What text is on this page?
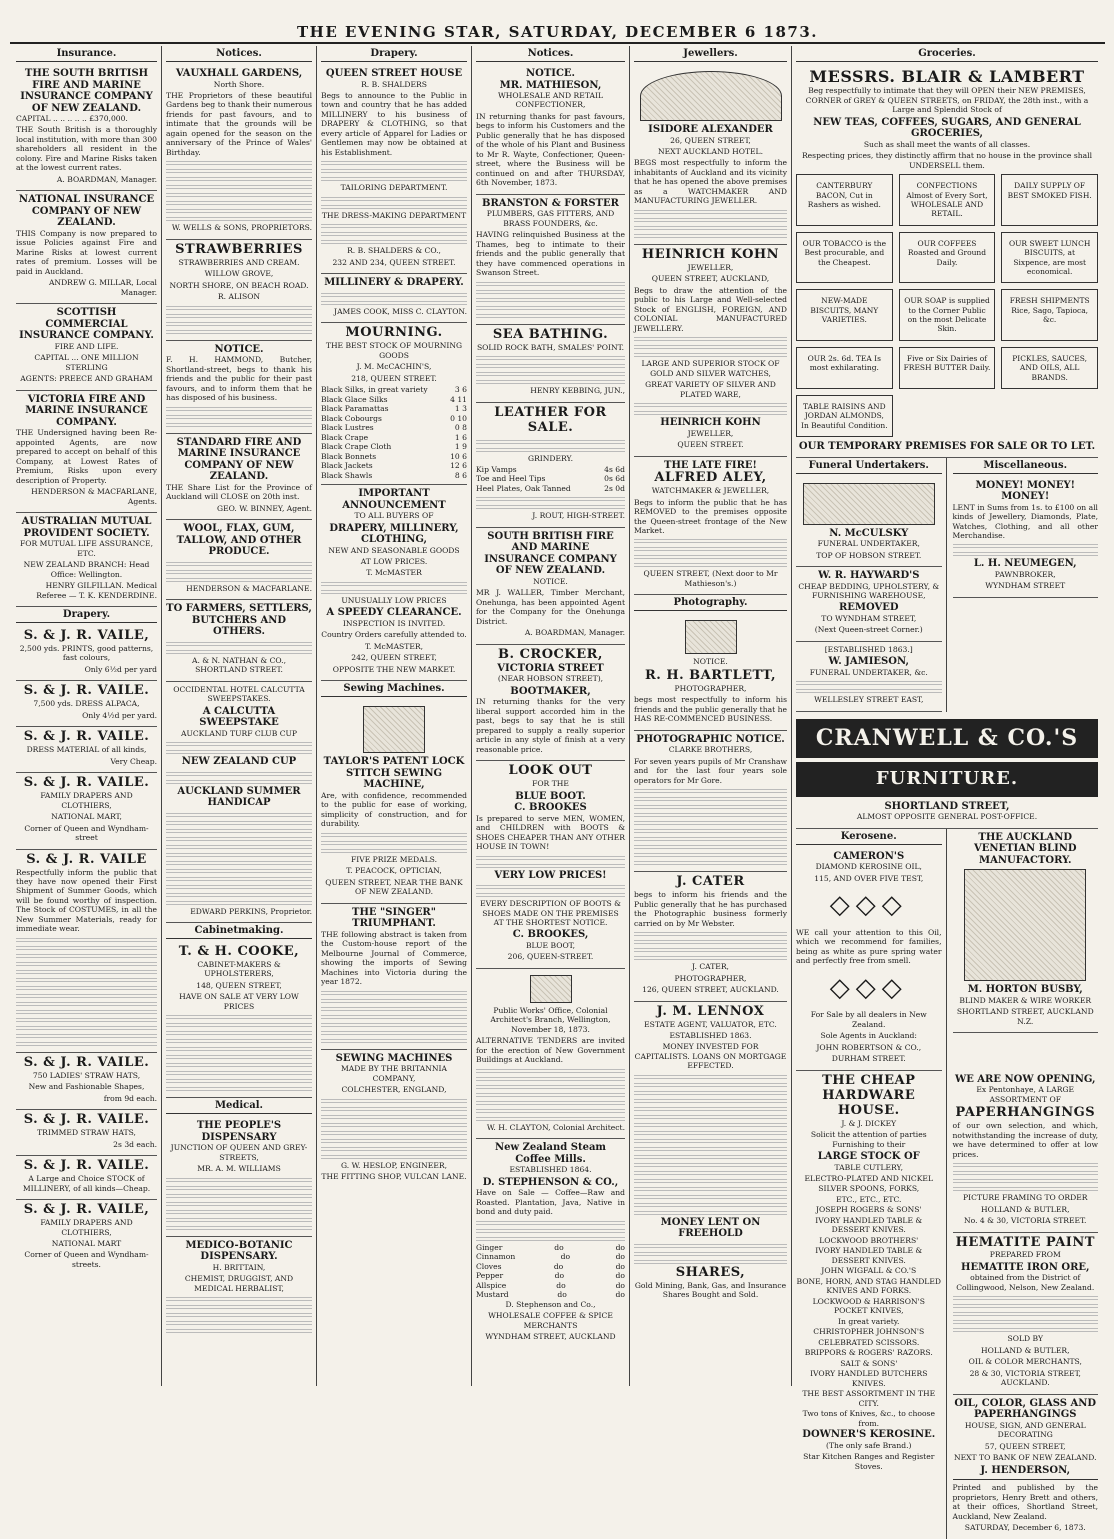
THE EVENING STAR, SATURDAY, DECEMBER 6 1873.
Insurance.
THE SOUTH BRITISH FIRE AND MARINE INSURANCE COMPANY OF NEW ZEALAND.

CAPITAL .. .. .. .. .. £370,000.

THE South British is a thoroughly local institution, with more than 300 shareholders all resident in the colony. Fire and Marine Risks taken at the lowest current rates.

A. BOARDMAN, Manager.

NATIONAL INSURANCE COMPANY OF NEW ZEALAND.

THIS Company is now prepared to issue Policies against Fire and Marine Risks at lowest current rates of premium. Losses will be paid in Auckland.

ANDREW G. MILLAR, Local Manager.

SCOTTISH COMMERCIAL INSURANCE COMPANY.

FIRE AND LIFE.

CAPITAL ... ONE MILLION STERLING

AGENTS: PREECE AND GRAHAM

VICTORIA FIRE AND MARINE INSURANCE COMPANY.

THE Undersigned having been Re-appointed Agents, are now prepared to accept on behalf of this Company, at Lowest Rates of Premium, Risks upon every description of Property.

HENDERSON & MACFARLANE, Agents.

AUSTRALIAN MUTUAL PROVIDENT SOCIETY.

FOR MUTUAL LIFE ASSURANCE, ETC.

NEW ZEALAND BRANCH: Head Office: Wellington.

HENRY GILFILLAN. Medical Referee — T. K. KENDERDINE.

Drapery.
S. & J. R. VAILE,

2,500 yds. PRINTS, good patterns, fast colours,

Only 6½d per yard

S. & J. R. VAILE.

7,500 yds. DRESS ALPACA,

Only 4½d per yard.

S. & J. R. VAILE.

DRESS MATERIAL of all kinds,

Very Cheap.

S. & J. R. VAILE.

FAMILY DRAPERS AND CLOTHIERS,

NATIONAL MART,

Corner of Queen and Wyndham-street

S. & J. R. VAILE

Respectfully inform the public that they have now opened their First Shipment of Summer Goods, which will be found worthy of inspection. The Stock of COSTUMES, in all the New Summer Materials, ready for immediate wear.

S. & J. R. VAILE.

750 LADIES' STRAW HATS,

New and Fashionable Shapes,

from 9d each.

S. & J. R. VAILE.

TRIMMED STRAW HATS,

2s 3d each.

S. & J. R. VAILE.

A Large and Choice STOCK of MILLINERY, of all kinds—Cheap.

S. & J. R. VAILE,

FAMILY DRAPERS AND CLOTHIERS,

NATIONAL MART

Corner of Queen and Wyndham-streets.

Notices.
VAUXHALL GARDENS,

North Shore.

THE Proprietors of these beautiful Gardens beg to thank their numerous friends for past favours, and to intimate that the grounds will be again opened for the season on the anniversary of the Prince of Wales' Birthday.

W. WELLS & SONS, PROPRIETORS.

STRAWBERRIES

STRAWBERRIES AND CREAM.

WILLOW GROVE,

NORTH SHORE, ON BEACH ROAD.

R. ALISON

NOTICE.

F. H. HAMMOND, Butcher, Shortland-street, begs to thank his friends and the public for their past favours, and to inform them that he has disposed of his business.

STANDARD FIRE AND MARINE INSURANCE COMPANY OF NEW ZEALAND.

THE Share List for the Province of Auckland will CLOSE on 20th inst.

GEO. W. BINNEY, Agent.

WOOL, FLAX, GUM, TALLOW, AND OTHER PRODUCE.

HENDERSON & MACFARLANE.

TO FARMERS, SETTLERS, BUTCHERS AND OTHERS.

A. & N. NATHAN & CO., SHORTLAND STREET.

OCCIDENTAL HOTEL CALCUTTA SWEEPSTAKES.

A CALCUTTA SWEEPSTAKE

AUCKLAND TURF CLUB CUP

NEW ZEALAND CUP
AUCKLAND SUMMER HANDICAP

EDWARD PERKINS, Proprietor.

Cabinetmaking.
T. & H. COOKE,

CABINET-MAKERS & UPHOLSTERERS,

148, QUEEN STREET,

HAVE ON SALE AT VERY LOW PRICES

Medical.
THE PEOPLE'S DISPENSARY

JUNCTION OF QUEEN AND GREY-STREETS,

MR. A. M. WILLIAMS

MEDICO-BOTANIC DISPENSARY.

H. BRITTAIN,

CHEMIST, DRUGGIST, AND MEDICAL HERBALIST,

Drapery.
QUEEN STREET HOUSE

R. B. SHALDERS

Begs to announce to the Public in town and country that he has added MILLINERY to his business of DRAPERY & CLOTHING, so that every article of Apparel for Ladies or Gentlemen may now be obtained at his Establishment.

TAILORING DEPARTMENT.

THE DRESS-MAKING DEPARTMENT

R. B. SHALDERS & CO.,

232 AND 234, QUEEN STREET.

MILLINERY & DRAPERY.

JAMES COOK, MISS C. CLAYTON.

MOURNING.

THE BEST STOCK OF MOURNING GOODS

J. M. McCACHIN'S,

218, QUEEN STREET.

Black Silks, in great variety	3 6

Black Glace Silks	4 11

Black Paramattas	1 3

Black Cobourgs	0 10

Black Lustres	0 8

Black Crape	1 6

Black Crape Cloth	1 9

Black Bonnets	10 6

Black Jackets	12 6

Black Shawls	8 6

IMPORTANT ANNOUNCEMENT

TO ALL BUYERS OF

DRAPERY, MILLINERY,
CLOTHING,

NEW AND SEASONABLE GOODS

AT LOW PRICES.

T. McMASTER

UNUSUALLY LOW PRICES

A SPEEDY CLEARANCE.

INSPECTION IS INVITED.

Country Orders carefully attended to.

T. McMASTER,

242, QUEEN STREET,

OPPOSITE THE NEW MARKET.

Sewing Machines.
TAYLOR'S PATENT LOCK STITCH SEWING MACHINE,

Are, with confidence, recommended to the public for ease of working, simplicity of construction, and for durability.

FIVE PRIZE MEDALS.

T. PEACOCK, OPTICIAN,

QUEEN STREET, NEAR THE BANK OF NEW ZEALAND.

THE "SINGER" TRIUMPHANT.

THE following abstract is taken from the Custom-house report of the Melbourne Journal of Commerce, showing the imports of Sewing Machines into Victoria during the year 1872.

SEWING MACHINES

MADE BY THE BRITANNIA COMPANY,

COLCHESTER, ENGLAND,

G. W. HESLOP, ENGINEER,

THE FITTING SHOP, VULCAN LANE.

Notices.
NOTICE.
MR. MATHIESON,

WHOLESALE AND RETAIL CONFECTIONER,

IN returning thanks for past favours, begs to inform his Customers and the Public generally that he has disposed of the whole of his Plant and Business to Mr R. Wayte, Confectioner, Queen-street, where the Business will be continued on and after THURSDAY, 6th November, 1873.

BRANSTON & FORSTER

PLUMBERS, GAS FITTERS, AND BRASS FOUNDERS, &c.

HAVING relinquished Business at the Thames, beg to intimate to their friends and the public generally that they have commenced operations in Swanson Street.

SEA BATHING.

SOLID ROCK BATH, SMALES' POINT.

HENRY KEBBING, JUN.,

LEATHER FOR SALE.

GRINDERY.

Kip Vamps	4s 6d

Toe and Heel Tips	0s 6d

Heel Plates, Oak Tanned	2s 0d

J. ROUT, HIGH-STREET.

SOUTH BRITISH FIRE AND MARINE INSURANCE COMPANY OF NEW ZEALAND.

NOTICE.

MR J. WALLER, Timber Merchant, Onehunga, has been appointed Agent for the Company for the Onehunga District.

A. BOARDMAN, Manager.

B. CROCKER,
VICTORIA STREET

(NEAR HOBSON STREET),

BOOTMAKER,

IN returning thanks for the very liberal support accorded him in the past, begs to say that he is still prepared to supply a really superior article in any style of finish at a very reasonable price.

LOOK OUT

FOR THE

BLUE BOOT.
C. BROOKES

Is prepared to serve MEN, WOMEN, and CHILDREN with BOOTS & SHOES CHEAPER THAN ANY OTHER HOUSE IN TOWN!

VERY LOW PRICES!

EVERY DESCRIPTION OF BOOTS & SHOES MADE ON THE PREMISES AT THE SHORTEST NOTICE.

C. BROOKES,

BLUE BOOT,

206, QUEEN-STREET.

Public Works' Office, Colonial Architect's Branch, Wellington, November 18, 1873.

ALTERNATIVE TENDERS are invited for the erection of New Government Buildings at Auckland.

W. H. CLAYTON, Colonial Architect.

New Zealand Steam Coffee Mills.

ESTABLISHED 1864.

D. STEPHENSON & CO.,

Have on Sale — Coffee—Raw and Roasted. Plantation, Java, Native in bond and duty paid.

Ginger	do	do

Cinnamon	do	do

Cloves	do	do

Pepper	do	do

Allspice	do	do

Mustard	do	do

D. Stephenson and Co.,

WHOLESALE COFFEE & SPICE MERCHANTS

WYNDHAM STREET, AUCKLAND

Jewellers.
ISIDORE ALEXANDER

26, QUEEN STREET,

NEXT AUCKLAND HOTEL.

BEGS most respectfully to inform the inhabitants of Auckland and its vicinity that he has opened the above premises as a WATCHMAKER AND MANUFACTURING JEWELLER.

HEINRICH KOHN

JEWELLER,

QUEEN STREET, AUCKLAND,

Begs to draw the attention of the public to his Large and Well-selected Stock of ENGLISH, FOREIGN, AND COLONIAL MANUFACTURED JEWELLERY.

LARGE AND SUPERIOR STOCK OF GOLD AND SILVER WATCHES,

GREAT VARIETY OF SILVER AND PLATED WARE,

HEINRICH KOHN

JEWELLER,

QUEEN STREET.

THE LATE FIRE!
ALFRED ALEY,

WATCHMAKER & JEWELLER,

Begs to inform the public that he has REMOVED to the premises opposite the Queen-street frontage of the New Market.

QUEEN STREET, (Next door to Mr Mathieson's.)

Photography.

NOTICE.

R. H. BARTLETT,

PHOTOGRAPHER,

begs most respectfully to inform his friends and the public generally that he HAS RE-COMMENCED BUSINESS.

PHOTOGRAPHIC NOTICE.

CLARKE BROTHERS,

For seven years pupils of Mr Cranshaw and for the last four years sole operators for Mr Gore.

J. CATER

begs to inform his friends and the Public generally that he has purchased the Photographic business formerly carried on by Mr Webster.

J. CATER,

PHOTOGRAPHER,

126, QUEEN STREET, AUCKLAND.

J. M. LENNOX

ESTATE AGENT, VALUATOR, ETC.

ESTABLISHED 1863.

MONEY INVESTED FOR CAPITALISTS. LOANS ON MORTGAGE EFFECTED.

MONEY LENT ON FREEHOLD
SHARES,

Gold Mining, Bank, Gas, and Insurance Shares Bought and Sold.

Groceries.
MESSRS. BLAIR & LAMBERT

Beg respectfully to intimate that they will OPEN their NEW PREMISES, CORNER of GREY & QUEEN STREETS, on FRIDAY, the 28th inst., with a Large and Splendid Stock of

NEW TEAS, COFFEES, SUGARS, AND GENERAL GROCERIES,

Such as shall meet the wants of all classes.

Respecting prices, they distinctly affirm that no house in the province shall UNDERSELL them.

CANTERBURY BACON, Cut in Rashers as wished.
CONFECTIONS Almost of Every Sort, WHOLESALE AND RETAIL.
DAILY SUPPLY OF BEST SMOKED FISH.
OUR TOBACCO is the Best procurable, and the Cheapest.
OUR COFFEES Roasted and Ground Daily.
OUR SWEET LUNCH BISCUITS, at Sixpence, are most economical.
NEW-MADE BISCUITS, MANY VARIETIES.
OUR SOAP is supplied to the Corner Public on the most Delicate Skin.
FRESH SHIPMENTS Rice, Sago, Tapioca, &c.
OUR 2s. 6d. TEA Is most exhilarating.
Five or Six Dairies of FRESH BUTTER Daily.
PICKLES, SAUCES, AND OILS, ALL BRANDS.
TABLE RAISINS AND JORDAN ALMONDS, In Beautiful Condition.
OUR TEMPORARY PREMISES FOR SALE OR TO LET.
Funeral Undertakers.
N. McCULSKY

FUNERAL UNDERTAKER,

TOP OF HOBSON STREET.

W. R. HAYWARD'S

CHEAP BEDDING, UPHOLSTERY, & FURNISHING WAREHOUSE,

REMOVED

TO WYNDHAM STREET,

(Next Queen-street Corner.)

[ESTABLISHED 1863.]

W. JAMIESON,

FUNERAL UNDERTAKER, &c.

WELLESLEY STREET EAST,

Miscellaneous.
MONEY! MONEY! MONEY!

LENT in Sums from 1s. to £100 on all kinds of Jewellery, Diamonds, Plate, Watches, Clothing, and all other Merchandise.

L. H. NEUMEGEN,

PAWNBROKER,

WYNDHAM STREET

CRANWELL & CO.'S
FURNITURE.
SHORTLAND STREET,

ALMOST OPPOSITE GENERAL POST-OFFICE.

Kerosene.
CAMERON'S

DIAMOND KEROSINE OIL,

115, AND OVER FIVE TEST,

◇◇◇

WE call your attention to this Oil, which we recommend for families, being as white as pure spring water and perfectly free from smell.

◇◇◇

For Sale by all dealers in New Zealand.

Sole Agents in Auckland:

JOHN ROBERTSON & CO.,

DURHAM STREET.

THE AUCKLAND VENETIAN BLIND MANUFACTORY.
M. HORTON BUSBY,

BLIND MAKER & WIRE WORKER

SHORTLAND STREET, AUCKLAND N.Z.

THE CHEAP HARDWARE HOUSE.

J. & J. DICKEY

Solicit the attention of parties Furnishing to their

LARGE STOCK OF

TABLE CUTLERY,

ELECTRO-PLATED AND NICKEL

SILVER SPOONS, FORKS,

ETC., ETC., ETC.

JOSEPH ROGERS & SONS'

IVORY HANDLED TABLE & DESSERT KNIVES.

LOCKWOOD BROTHERS'

IVORY HANDLED TABLE & DESSERT KNIVES.

JOHN WIGFALL & CO.'S

BONE, HORN, AND STAG HANDLED KNIVES AND FORKS.

LOCKWOOD & HARRISON'S POCKET KNIVES,

In great variety.

CHRISTOPHER JOHNSON'S

CELEBRATED SCISSORS.

BRIPPORS & ROGERS' RAZORS.

SALT & SONS'

IVORY HANDLED BUTCHERS KNIVES.

THE BEST ASSORTMENT IN THE CITY.

Two tons of Knives, &c., to choose from.

DOWNER'S KEROSINE.

(The only safe Brand.)

Star Kitchen Ranges and Register Stoves.

WE ARE NOW OPENING,

Ex Pentonhaye, A LARGE ASSORTMENT OF

PAPERHANGINGS

of our own selection, and which, notwithstanding the increase of duty, we have determined to offer at low prices.

PICTURE FRAMING TO ORDER

HOLLAND & BUTLER,

No. 4 & 30, VICTORIA STREET.

HEMATITE PAINT

PREPARED FROM

HEMATITE IRON ORE,

obtained from the District of Collingwood, Nelson, New Zealand.

SOLD BY

HOLLAND & BUTLER,

OIL & COLOR MERCHANTS,

28 & 30, VICTORIA STREET, AUCKLAND.

OIL, COLOR, GLASS AND PAPERHANGINGS

HOUSE, SIGN, AND GENERAL DECORATING

57, QUEEN STREET,

NEXT TO BANK OF NEW ZEALAND.

J. HENDERSON,

Printed and published by the proprietors, Henry Brett and others, at their offices, Shortland Street, Auckland, New Zealand.

SATURDAY, December 6, 1873.
